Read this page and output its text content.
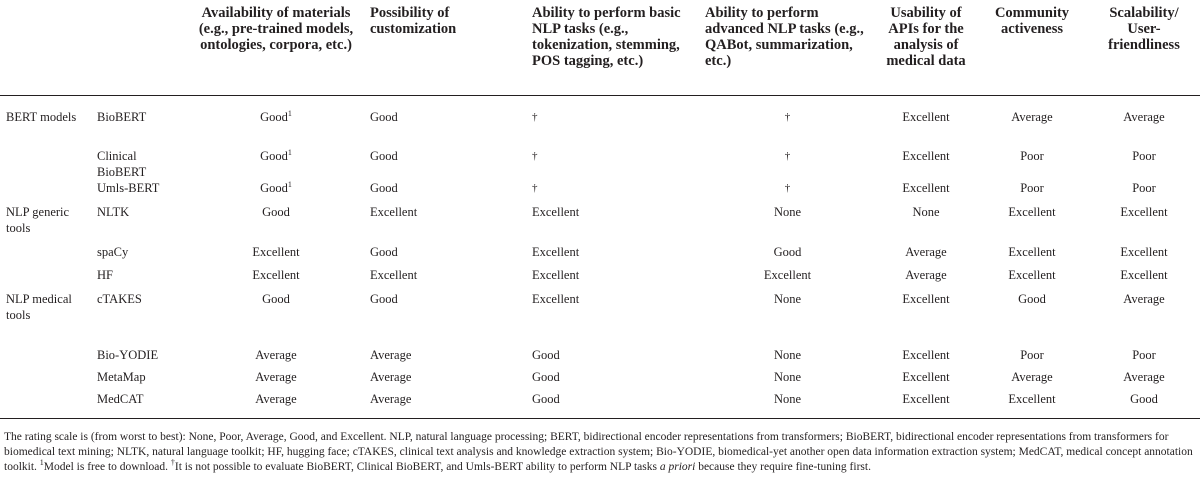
		Availability of materials (e.g., pre-trained models, ontologies, corpora, etc.)	Possibility of customization	Ability to perform basic NLP tasks (e.g., tokenization, stemming, POS tagging, etc.)	Ability to perform advanced NLP tasks (e.g., QABot, summarization, etc.)	Usability of APIs for the analysis of medical data	Community activeness	Scalability/ User-friendliness
BERT models	BioBERT	Good$^1$	Good	†	†	Excellent	Average	Average
	Clinical BioBERT	Good$^1$	Good	†	†	Excellent	Poor	Poor
	Umls-BERT	Good$^1$	Good	†	†	Excellent	Poor	Poor
NLP generic tools	NLTK	Good	Excellent	Excellent	None	None	Excellent	Excellent
	spaCy	Excellent	Good	Excellent	Good	Average	Excellent	Excellent
	HF	Excellent	Excellent	Excellent	Excellent	Average	Excellent	Excellent
NLP medical tools	cTAKES	Good	Good	Excellent	None	Excellent	Good	Average
	Bio-YODIE	Average	Average	Good	None	Excellent	Poor	Poor
	MetaMap	Average	Average	Good	None	Excellent	Average	Average
	MedCAT	Average	Average	Good	None	Excellent	Excellent	Good
The rating scale is (from worst to best): None, Poor, Average, Good, and Excellent. NLP, natural language processing; BERT, bidirectional encoder representations from transformers; BioBERT, bidirectional encoder representations from transformers for biomedical text mining; NLTK, natural language toolkit; HF, hugging face; cTAKES, clinical text analysis and knowledge extraction system; Bio-YODIE, biomedical-yet another open data information extraction system; MedCAT, medical concept annotation toolkit. $^1$Model is free to download. †It is not possible to evaluate BioBERT, Clinical BioBERT, and Umls-BERT ability to perform NLP tasks a priori because they require fine-tuning first.
